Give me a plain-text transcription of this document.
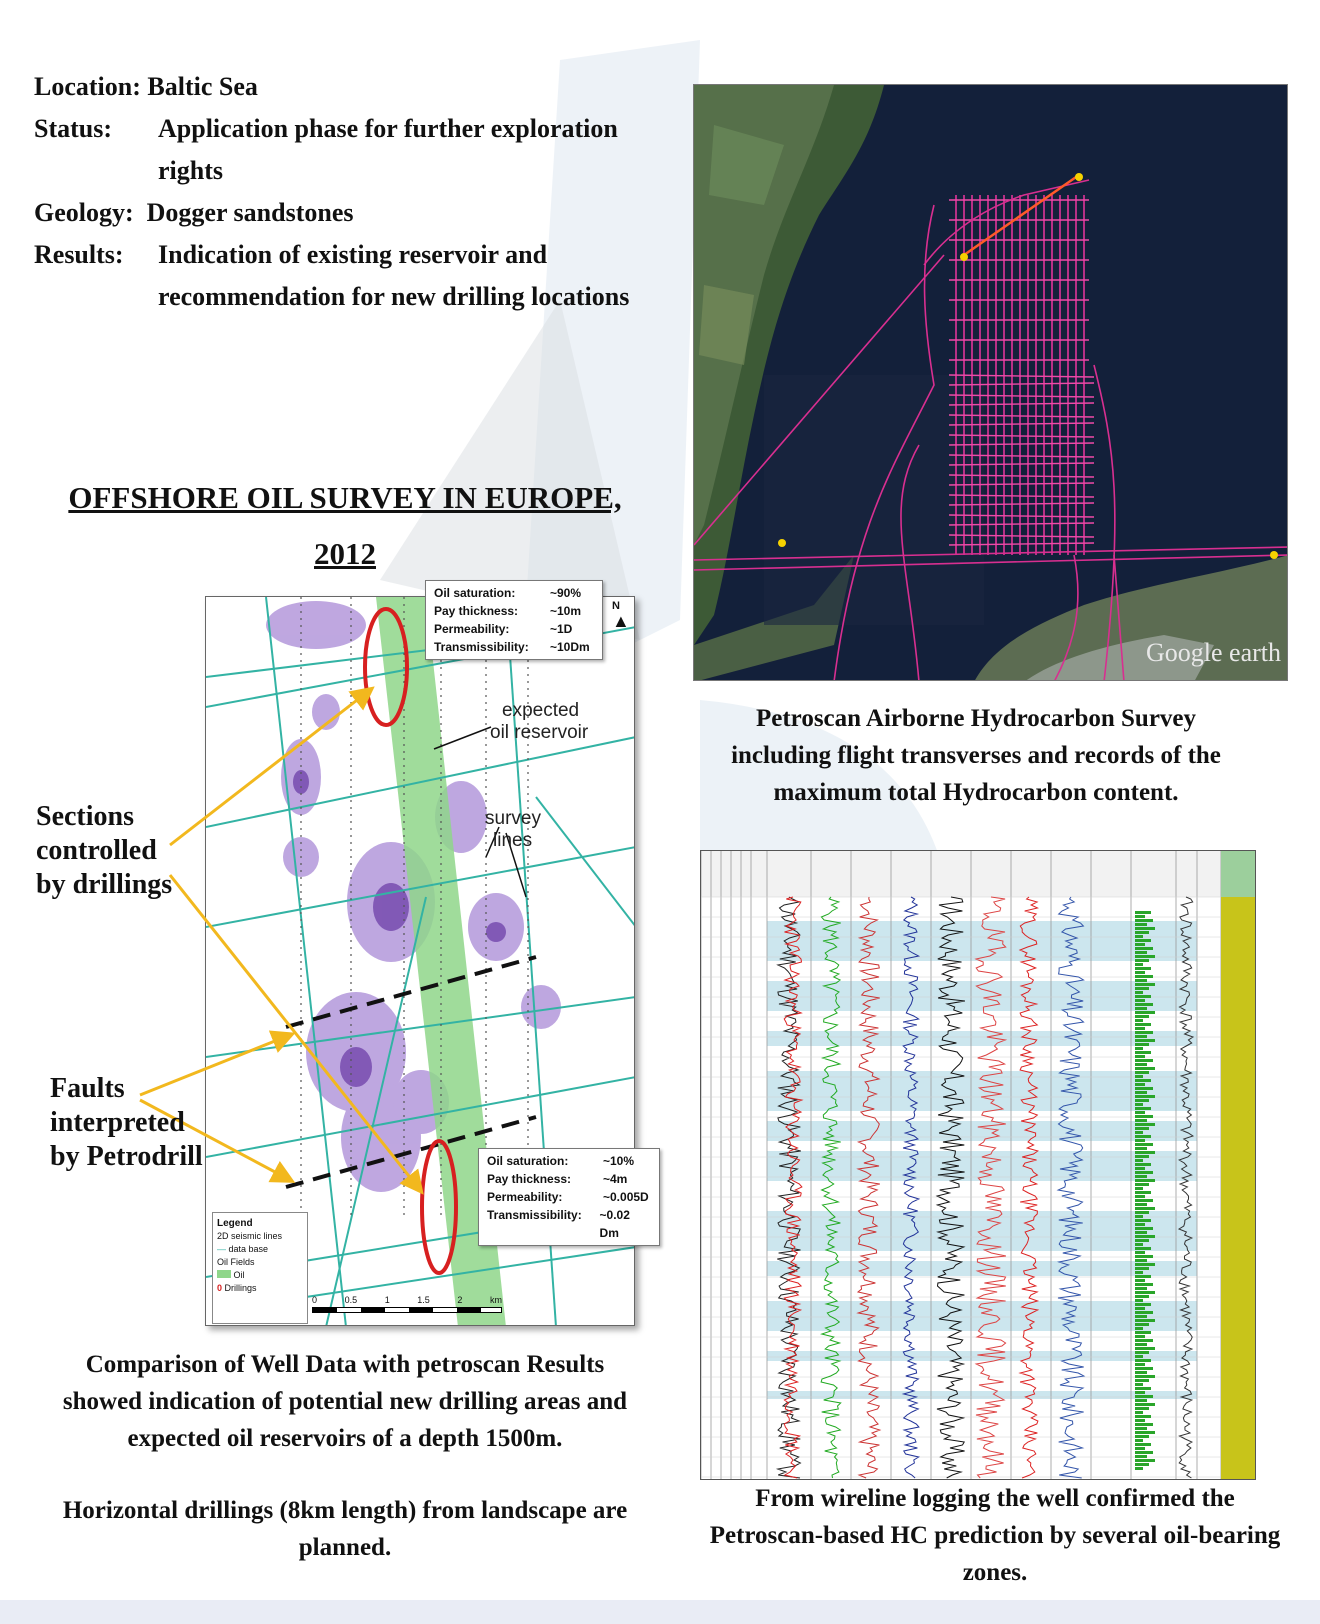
Location:
Baltic Sea
Status:	Application phase for further exploration
rights
Geology:
Dogger sandstones
Results:	Indication of existing reservoir and
recommendation for new drilling locations
OFFSHORE OIL SURVEY IN EUROPE,
2012
Google earth
Petroscan Airborne Hydrocarbon Survey
including flight transverses and records of the
maximum total Hydrocarbon content.
expected
oil reservoir
survey
lines
N
▲
Oil saturation:	~90%
Pay thickness:	~10m
Permeability:	~1D
Transmissibility:	~10Dm
Oil saturation:	~10%
Pay thickness:	~4m
Permeability:	~0.005D
Transmissibility:	~0.02 Dm
Legend
2D seismic lines
— data base
Oil Fields
Oil
0 Drillings
0	0.5	1	1.5	2	km
Sections
controlled
by drillings
Faults
interpreted
by Petrodrill
Comparison of Well Data with petroscan Results
showed indication of potential new drilling areas and
expected oil reservoirs of a depth 1500m.
Horizontal drillings (8km length) from landscape are
planned.
From wireline logging the well confirmed the
Petroscan-based HC prediction by several oil-bearing
zones.
